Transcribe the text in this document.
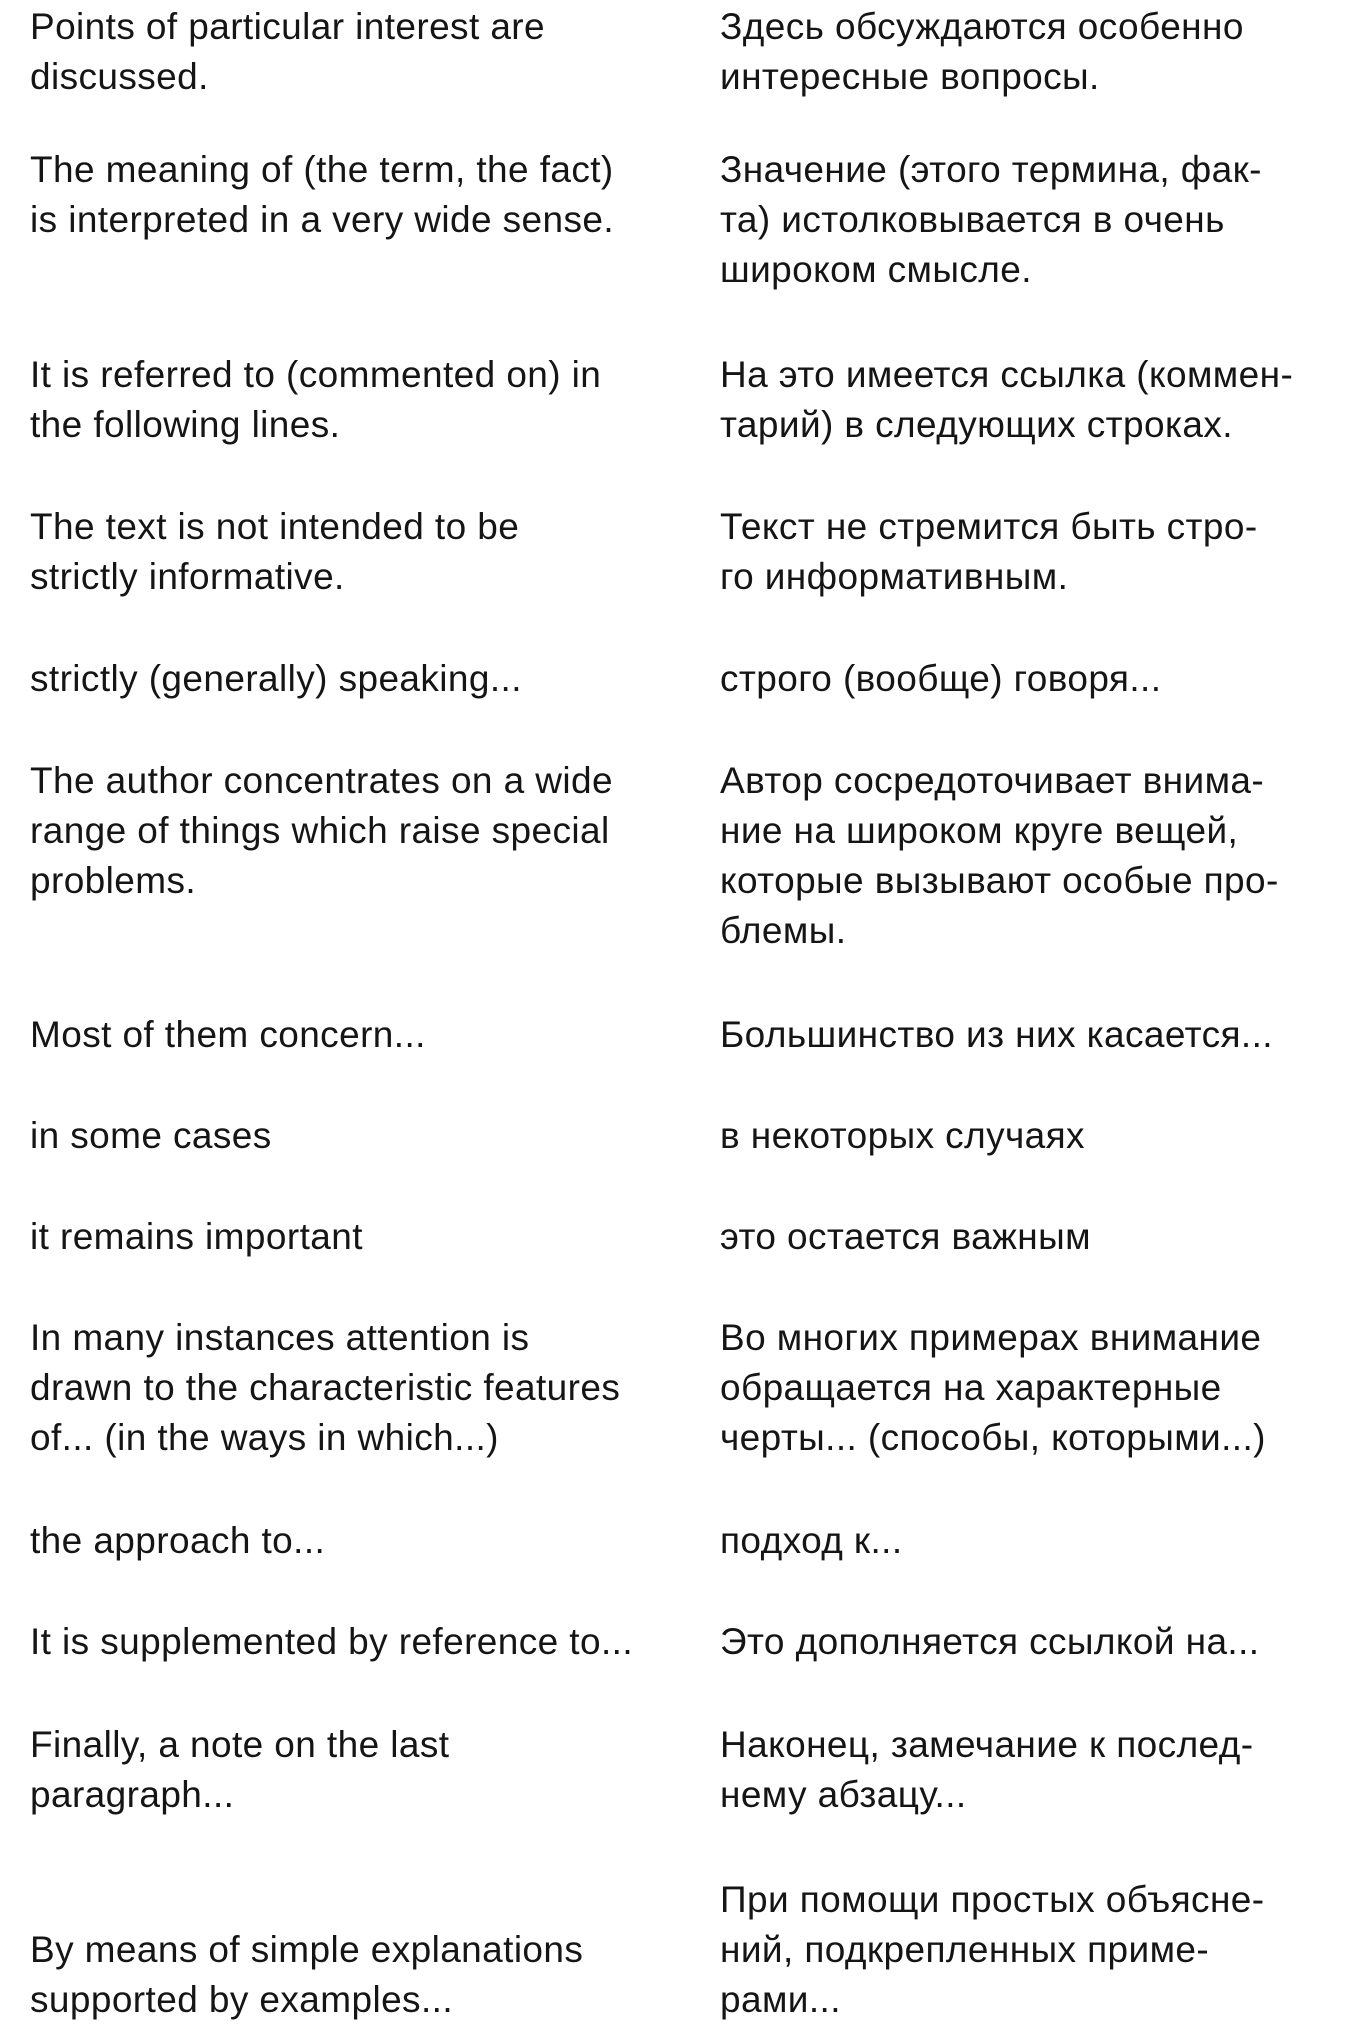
Points of particular interest are
discussed.
Здесь обсуждаются особенно
интересные вопросы.
The meaning of (the term, the fact)
is interpreted in a very wide sense.
Значение (этого термина, фак-
та) истолковывается в очень
широком смысле.
It is referred to (commented on) in
the following lines.
На это имеется ссылка (коммен-
тарий) в следующих строках.
The text is not intended to be
strictly informative.
Текст не стремится быть стро-
го информативным.
strictly (generally) speaking...	строго (вообще) говоря...
The author concentrates on a wide
range of things which raise special
problems.
Автор сосредоточивает внима-
ние на широком круге вещей,
которые вызывают особые про-
блемы.
Most of them concern...	Большинство из них касается...
in some cases	в некоторых случаях
it remains important	это остается важным
In many instances attention is
drawn to the characteristic features
of... (in the ways in which...)
Во многих примерах внимание
обращается на характерные
черты... (способы, которыми...)
the approach to...	подход к...
It is supplemented by reference to...	Это дополняется ссылкой на...
Finally, a note on the last
paragraph...
Наконец, замечание к послед-
нему абзацу...
By means of simple explanations
supported by examples...
При помощи простых объясне-
ний, подкрепленных приме-
рами...
